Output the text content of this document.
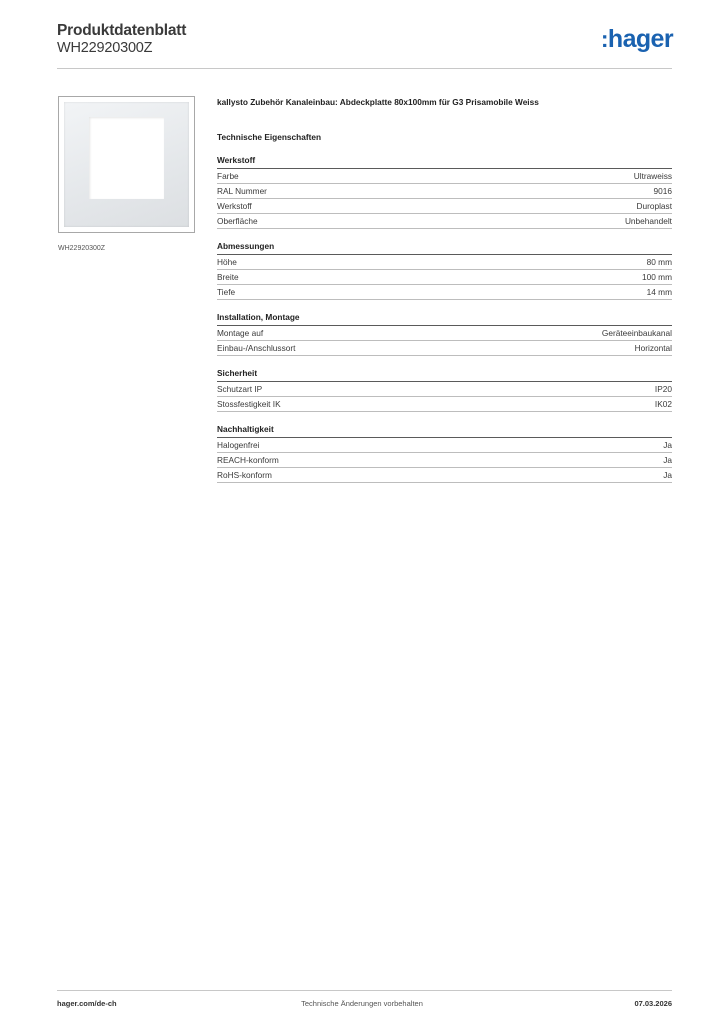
Produktdatenblatt
WH22920300Z	:hager
WH22920300Z
kallysto Zubehör Kanaleinbau: Abdeckplatte 80x100mm für G3 Prisamobile Weiss
Technische Eigenschaften
Werkstoff
Farbe	Ultraweiss
RAL Nummer	9016
Werkstoff	Duroplast
Oberfläche	Unbehandelt
Abmessungen
Höhe	80 mm
Breite	100 mm
Tiefe	14 mm
Installation, Montage
Montage auf	Geräteeinbaukanal
Einbau-/Anschlussort	Horizontal
Sicherheit
Schutzart IP	IP20
Stossfestigkeit IK	IK02
Nachhaltigkeit
Halogenfrei	Ja
REACH-konform	Ja
RoHS-konform	Ja
hager.com/de-ch	Technische Änderungen vorbehalten	07.03.2026
